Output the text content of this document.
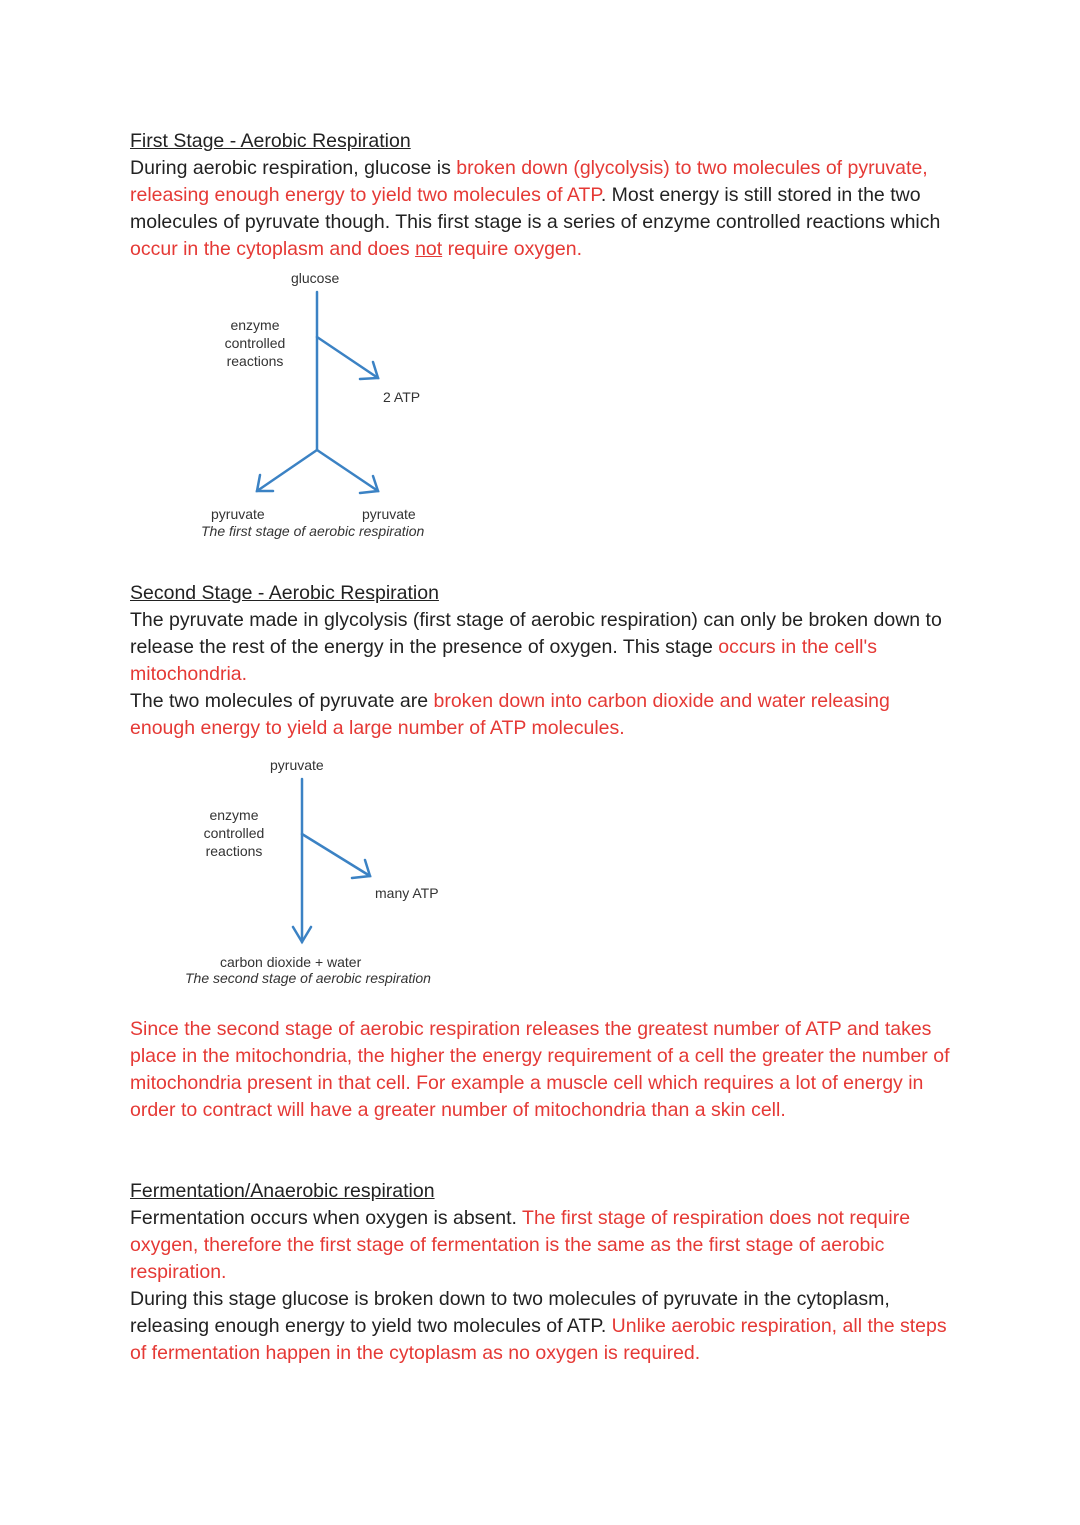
First Stage - Aerobic Respiration

During aerobic respiration, glucose is broken down (glycolysis) to two molecules of pyruvate, releasing enough energy to yield two molecules of ATP. Most energy is still stored in the two molecules of pyruvate though. This first stage is a series of enzyme controlled reactions which occur in the cytoplasm and does not require oxygen.

glucose
enzyme
controlled
reactions
2 ATP
pyruvate	pyruvate
The first stage of aerobic respiration

Second Stage - Aerobic Respiration

The pyruvate made in glycolysis (first stage of aerobic respiration) can only be broken down to release the rest of the energy in the presence of oxygen. This stage occurs in the cell's mitochondria.

The two molecules of pyruvate are broken down into carbon dioxide and water releasing enough energy to yield a large number of ATP molecules.

pyruvate
enzyme
controlled
reactions
many ATP
carbon dioxide + water
The second stage of aerobic respiration

Since the second stage of aerobic respiration releases the greatest number of ATP and takes place in the mitochondria, the higher the energy requirement of a cell the greater the number of mitochondria present in that cell. For example a muscle cell which requires a lot of energy in order to contract will have a greater number of mitochondria than a skin cell.

Fermentation/Anaerobic respiration

Fermentation occurs when oxygen is absent. The first stage of respiration does not require oxygen, therefore the first stage of fermentation is the same as the first stage of aerobic respiration.

During this stage glucose is broken down to two molecules of pyruvate in the cytoplasm, releasing enough energy to yield two molecules of ATP. Unlike aerobic respiration, all the steps of fermentation happen in the cytoplasm as no oxygen is required.
